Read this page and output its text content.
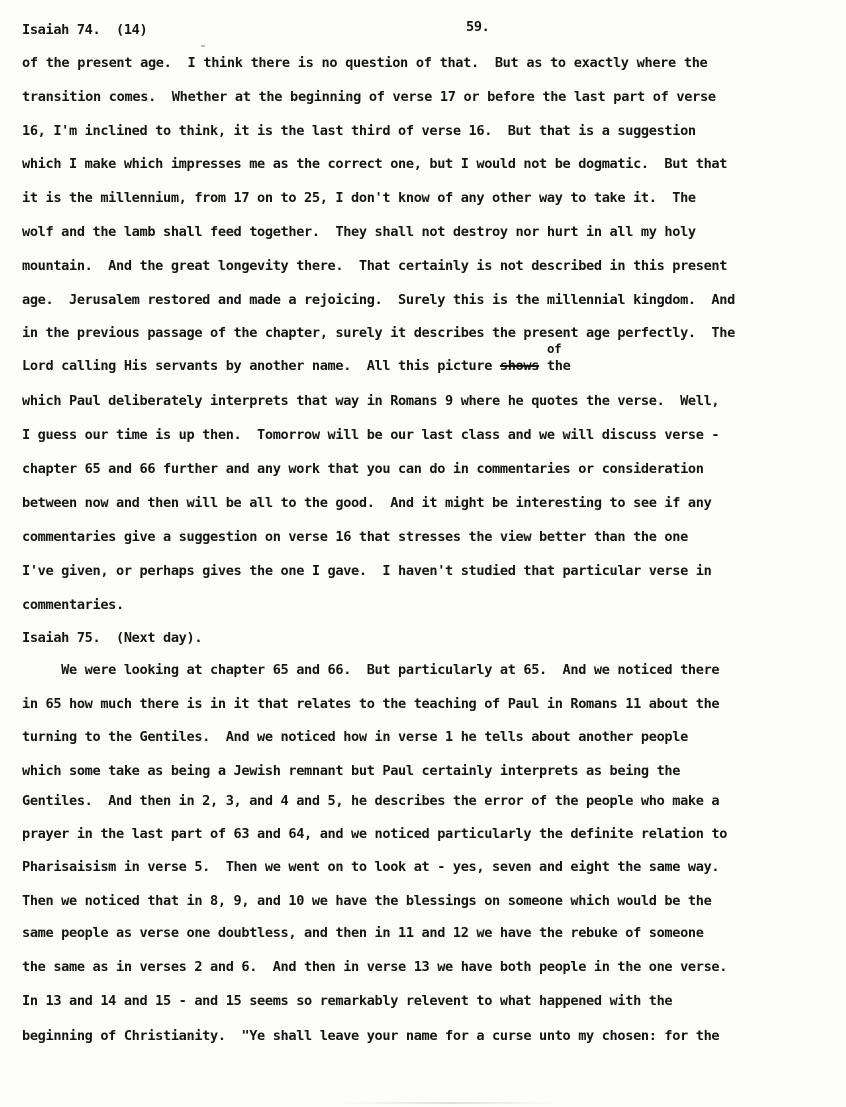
Isaiah 74.  (14)	59.
¨
of the present age.  I think there is no question of that.  But as to exactly where the
transition comes.  Whether at the beginning of verse 17 or before the last part of verse
16, I'm inclined to think, it is the last third of verse 16.  But that is a suggestion
which I make which impresses me as the correct one, but I would not be dogmatic.  But that
it is the millennium, from 17 on to 25, I don't know of any other way to take it.  The
wolf and the lamb shall feed together.  They shall not destroy nor hurt in all my holy
mountain.  And the great longevity there.  That certainly is not described in this present
age.  Jerusalem restored and made a rejoicing.  Surely this is the millennial kingdom.  And
in the previous passage of the chapter, surely it describes the present age perfectly.  The
of
Lord calling His servants by another name.  All this picture shows the
which Paul deliberately interprets that way in Romans 9 where he quotes the verse.  Well,
I guess our time is up then.  Tomorrow will be our last class and we will discuss verse -
chapter 65 and 66 further and any work that you can do in commentaries or consideration
between now and then will be all to the good.  And it might be interesting to see if any
commentaries give a suggestion on verse 16 that stresses the view better than the one
I've given, or perhaps gives the one I gave.  I haven't studied that particular verse in
commentaries.
Isaiah 75.  (Next day).
We were looking at chapter 65 and 66.  But particularly at 65.  And we noticed there
in 65 how much there is in it that relates to the teaching of Paul in Romans 11 about the
turning to the Gentiles.  And we noticed how in verse 1 he tells about another people
which some take as being a Jewish remnant but Paul certainly interprets as being the
Gentiles.  And then in 2, 3, and 4 and 5, he describes the error of the people who make a
prayer in the last part of 63 and 64, and we noticed particularly the definite relation to
Pharisaisism in verse 5.  Then we went on to look at - yes, seven and eight the same way.
Then we noticed that in 8, 9, and 10 we have the blessings on someone which would be the
same people as verse one doubtless, and then in 11 and 12 we have the rebuke of someone
the same as in verses 2 and 6.  And then in verse 13 we have both people in the one verse.
In 13 and 14 and 15 - and 15 seems so remarkably relevent to what happened with the
beginning of Christianity.  "Ye shall leave your name for a curse unto my chosen: for the
